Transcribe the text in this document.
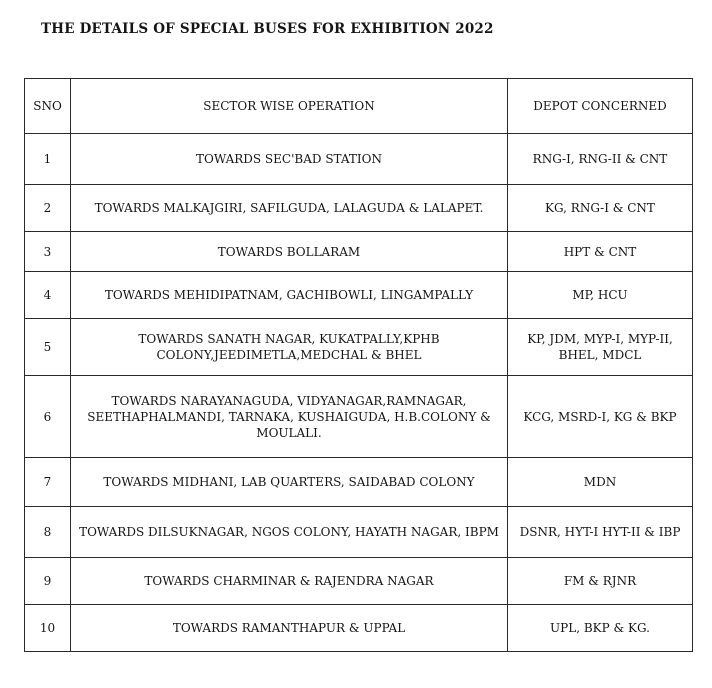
THE DETAILS OF SPECIAL BUSES FOR EXHIBITION 2022
SNO	SECTOR WISE OPERATION	DEPOT CONCERNED
1	TOWARDS SEC'BAD STATION	RNG-I, RNG-II & CNT
2	TOWARDS MALKAJGIRI, SAFILGUDA, LALAGUDA & LALAPET.	KG, RNG-I & CNT
3	TOWARDS BOLLARAM	HPT & CNT
4	TOWARDS MEHIDIPATNAM, GACHIBOWLI, LINGAMPALLY	MP, HCU
5	TOWARDS SANATH NAGAR, KUKATPALLY,KPHB COLONY,JEEDIMETLA,MEDCHAL & BHEL	KP, JDM, MYP-I, MYP-II, BHEL, MDCL
6	TOWARDS NARAYANAGUDA, VIDYANAGAR,RAMNAGAR, SEETHAPHALMANDI, TARNAKA, KUSHAIGUDA, H.B.COLONY & MOULALI.	KCG, MSRD-I, KG & BKP
7	TOWARDS MIDHANI, LAB QUARTERS, SAIDABAD COLONY	MDN
8	TOWARDS DILSUKNAGAR, NGOS COLONY, HAYATH NAGAR, IBPM	DSNR, HYT-I HYT-II & IBP
9	TOWARDS CHARMINAR & RAJENDRA NAGAR	FM & RJNR
10	TOWARDS RAMANTHAPUR & UPPAL	UPL, BKP & KG.
